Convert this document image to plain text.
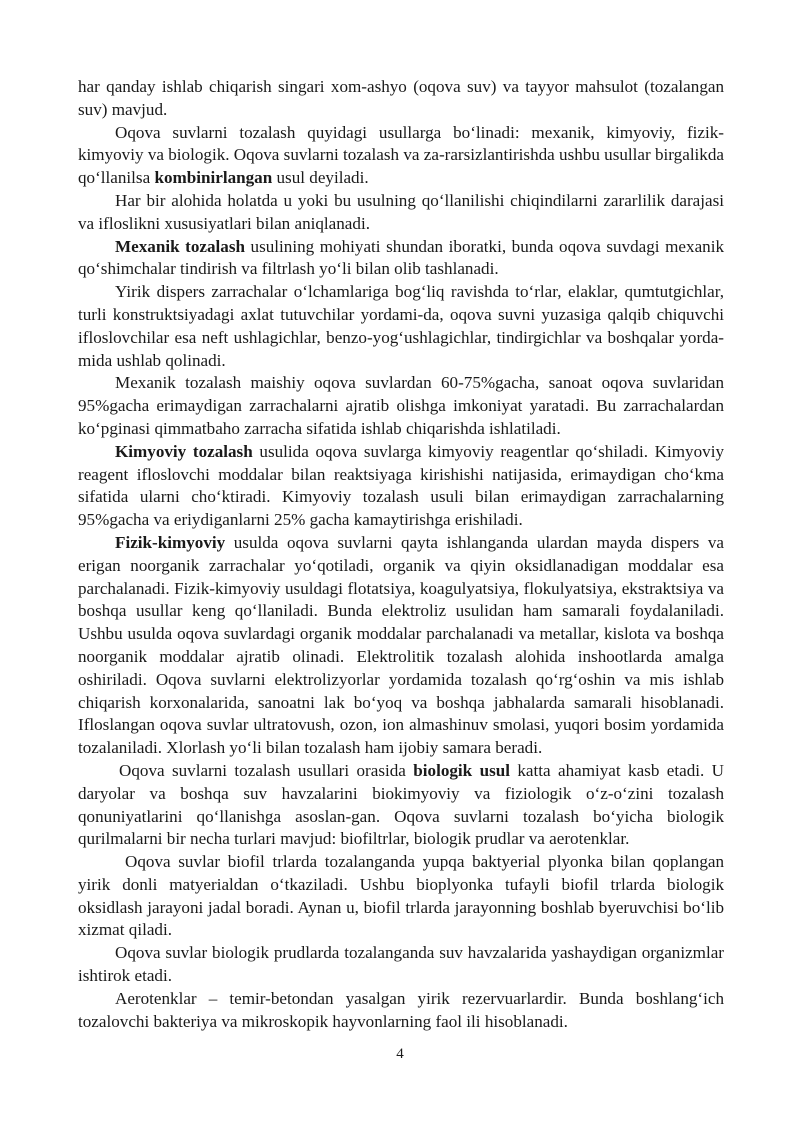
har qanday ishlab chiqarish singari xom-ashyo (oqova suv) va tayyor mahsulot (tozalangan suv) mavjud.

Oqova suvlarni tozalash quyidagi usullarga bo‘linadi: mexanik, kimyoviy, fizik-kimyoviy va biologik. Oqova suvlarni tozalash va za-rarsizlantirishda ushbu usullar birgalikda qo‘llanilsa kombinirlangan usul deyiladi.

Har bir alohida holatda u yoki bu usulning qo‘llanilishi chiqindilarni zararlilik darajasi va ifloslikni xususiyatlari bilan aniqlanadi.

Mexanik tozalash usulining mohiyati shundan iboratki, bunda oqova suvdagi mexanik qo‘shimchalar tindirish va filtrlash yo‘li bilan olib tashlanadi.

Yirik dispers zarrachalar o‘lchamlariga bog‘liq ravishda to‘rlar, elaklar, qumtutgichlar, turli konstruktsiyadagi axlat tutuvchilar yordami-da, oqova suvni yuzasiga qalqib chiquvchi ifloslovchilar esa neft ushlagichlar, benzo-yog‘ushlagichlar, tindirgichlar va boshqalar yorda-mida ushlab qolinadi.

Mexanik tozalash maishiy oqova suvlardan 60-75%gacha, sanoat oqova suvlaridan 95%gacha erimaydigan zarrachalarni ajratib olishga imkoniyat yaratadi. Bu zarrachalardan ko‘pginasi qimmatbaho zarracha sifatida ishlab chiqarishda ishlatiladi.

Kimyoviy tozalash usulida oqova suvlarga kimyoviy reagentlar qo‘shiladi. Kimyoviy reagent ifloslovchi moddalar bilan reaktsiyaga kirishishi natijasida, erimaydigan cho‘kma sifatida ularni cho‘ktiradi. Kimyoviy tozalash usuli bilan erimaydigan zarrachalarning 95%gacha va eriydiganlarni 25% gacha kamaytirishga erishiladi.

Fizik-kimyoviy usulda oqova suvlarni qayta ishlanganda ulardan mayda dispers va erigan noorganik zarrachalar yo‘qotiladi, organik va qiyin oksidlanadigan moddalar esa parchalanadi. Fizik-kimyoviy usuldagi flotatsiya, koagulyatsiya, flokulyatsiya, ekstraktsiya va boshqa usullar keng qo‘llaniladi. Bunda elektroliz usulidan ham samarali foydalaniladi. Ushbu usulda oqova suvlardagi organik moddalar parchalanadi va metallar, kislota va boshqa noorganik moddalar ajratib olinadi. Elektrolitik tozalash alohida inshootlarda amalga oshiriladi. Oqova suvlarni elektrolizyorlar yordamida tozalash qo‘rg‘oshin va mis ishlab chiqarish korxonalarida, sanoatni lak bo‘yoq va boshqa jabhalarda samarali hisoblanadi. Ifloslangan oqova suvlar ultratovush, ozon, ion almashinuv smolasi, yuqori bosim yordamida tozalaniladi. Xlorlash yo‘li bilan tozalash ham ijobiy samara beradi.

Oqova suvlarni tozalash usullari orasida biologik usul katta ahamiyat kasb etadi. U daryolar va boshqa suv havzalarini biokimyoviy va fiziologik o‘z-o‘zini tozalash qonuniyatlarini qo‘llanishga asoslan-gan. Oqova suvlarni tozalash bo‘yicha biologik qurilmalarni bir necha turlari mavjud: biofiltrlar, biologik prudlar va aerotenklar.

Oqova suvlar biofil trlarda tozalanganda yupqa baktyerial plyonka bilan qoplangan yirik donli matyerialdan o‘tkaziladi. Ushbu bioplyonka tufayli biofil trlarda biologik oksidlash jarayoni jadal boradi. Aynan u, biofil trlarda jarayonning boshlab byeruvchisi bo‘lib xizmat qiladi.

Oqova suvlar biologik prudlarda tozalanganda suv havzalarida yashaydigan organizmlar ishtirok etadi.

Aerotenklar – temir-betondan yasalgan yirik rezervuarlardir. Bunda boshlang‘ich tozalovchi bakteriya va mikroskopik hayvonlarning faol ili hisoblanadi.

4
